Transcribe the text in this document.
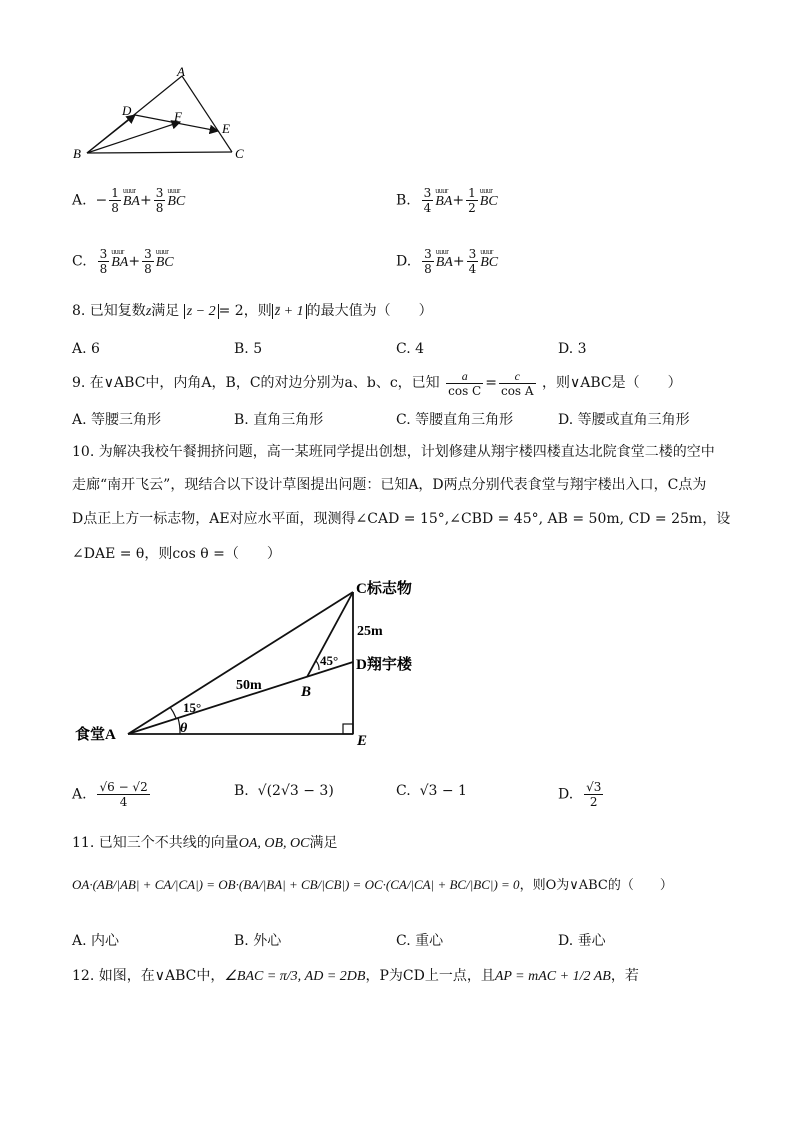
A
D	F
E
B	C
A.  − $\frac{1}{8}$ uuur $BA+ \frac{3}{8}$ uuur BC	B. $\frac{3}{4}$ uuur $BA+ \frac{1}{2}$ uuur BC
C. $\frac{3}{8}$ uuur $BA+ \frac{3}{8}$ uuur BC	D. $\frac{3}{8}$ uuur $BA+ \frac{3}{4}$ uuur BC
8. 已知复数z满足 z − 2 = 2，则 z̄ + 1 的最大值为（　　）
A. 6	B. 5	C. 4	D. 3
9. 在∨ABC中，内角A，B，C的对边分别为a、b、c，已知 $\frac{a}{\text{cos C}} = \frac{c}{\text{cos A}}$ ，则∨ABC是（　　）
A. 等腰三角形	B. 直角三角形	C. 等腰直角三角形	D. 等腰或直角三角形
10. 为解决我校午餐拥挤问题，高一某班同学提出创想，计划修建从翔宇楼四楼直达北院食堂二楼的空中
走廊“南开飞云”，现结合以下设计草图提出问题：已知A，D两点分别代表食堂与翔宇楼出入口，C点为
D点正上方一标志物，AE对应水平面，现测得∠CAD = 15°,∠CBD = 45°, AB = 50m, CD = 25m，设
∠DAE = θ，则cos θ =（　　）
C标志物
D翔宇楼
E
食堂A
B
25m
50m
15°
45°
θ
A. $\frac{√6 - √2}{4}$	B. √(2√3 − 3)	C. √3 − 1	D. $\frac{√3}{2}$
11. 已知三个不共线的向量OA, OB, OC满足
OA·(AB/|AB| + CA/|CA|) = OB·(BA/|BA| + CB/|CB|) = OC·(CA/|CA| + BC/|BC|) = 0，则O为∨ABC的（　　）
A. 内心	B. 外心	C. 重心	D. 垂心
12. 如图，在∨ABC中，∠BAC = π/3, AD = 2DB，P为CD上一点，且AP = mAC + 1/2 AB，若
